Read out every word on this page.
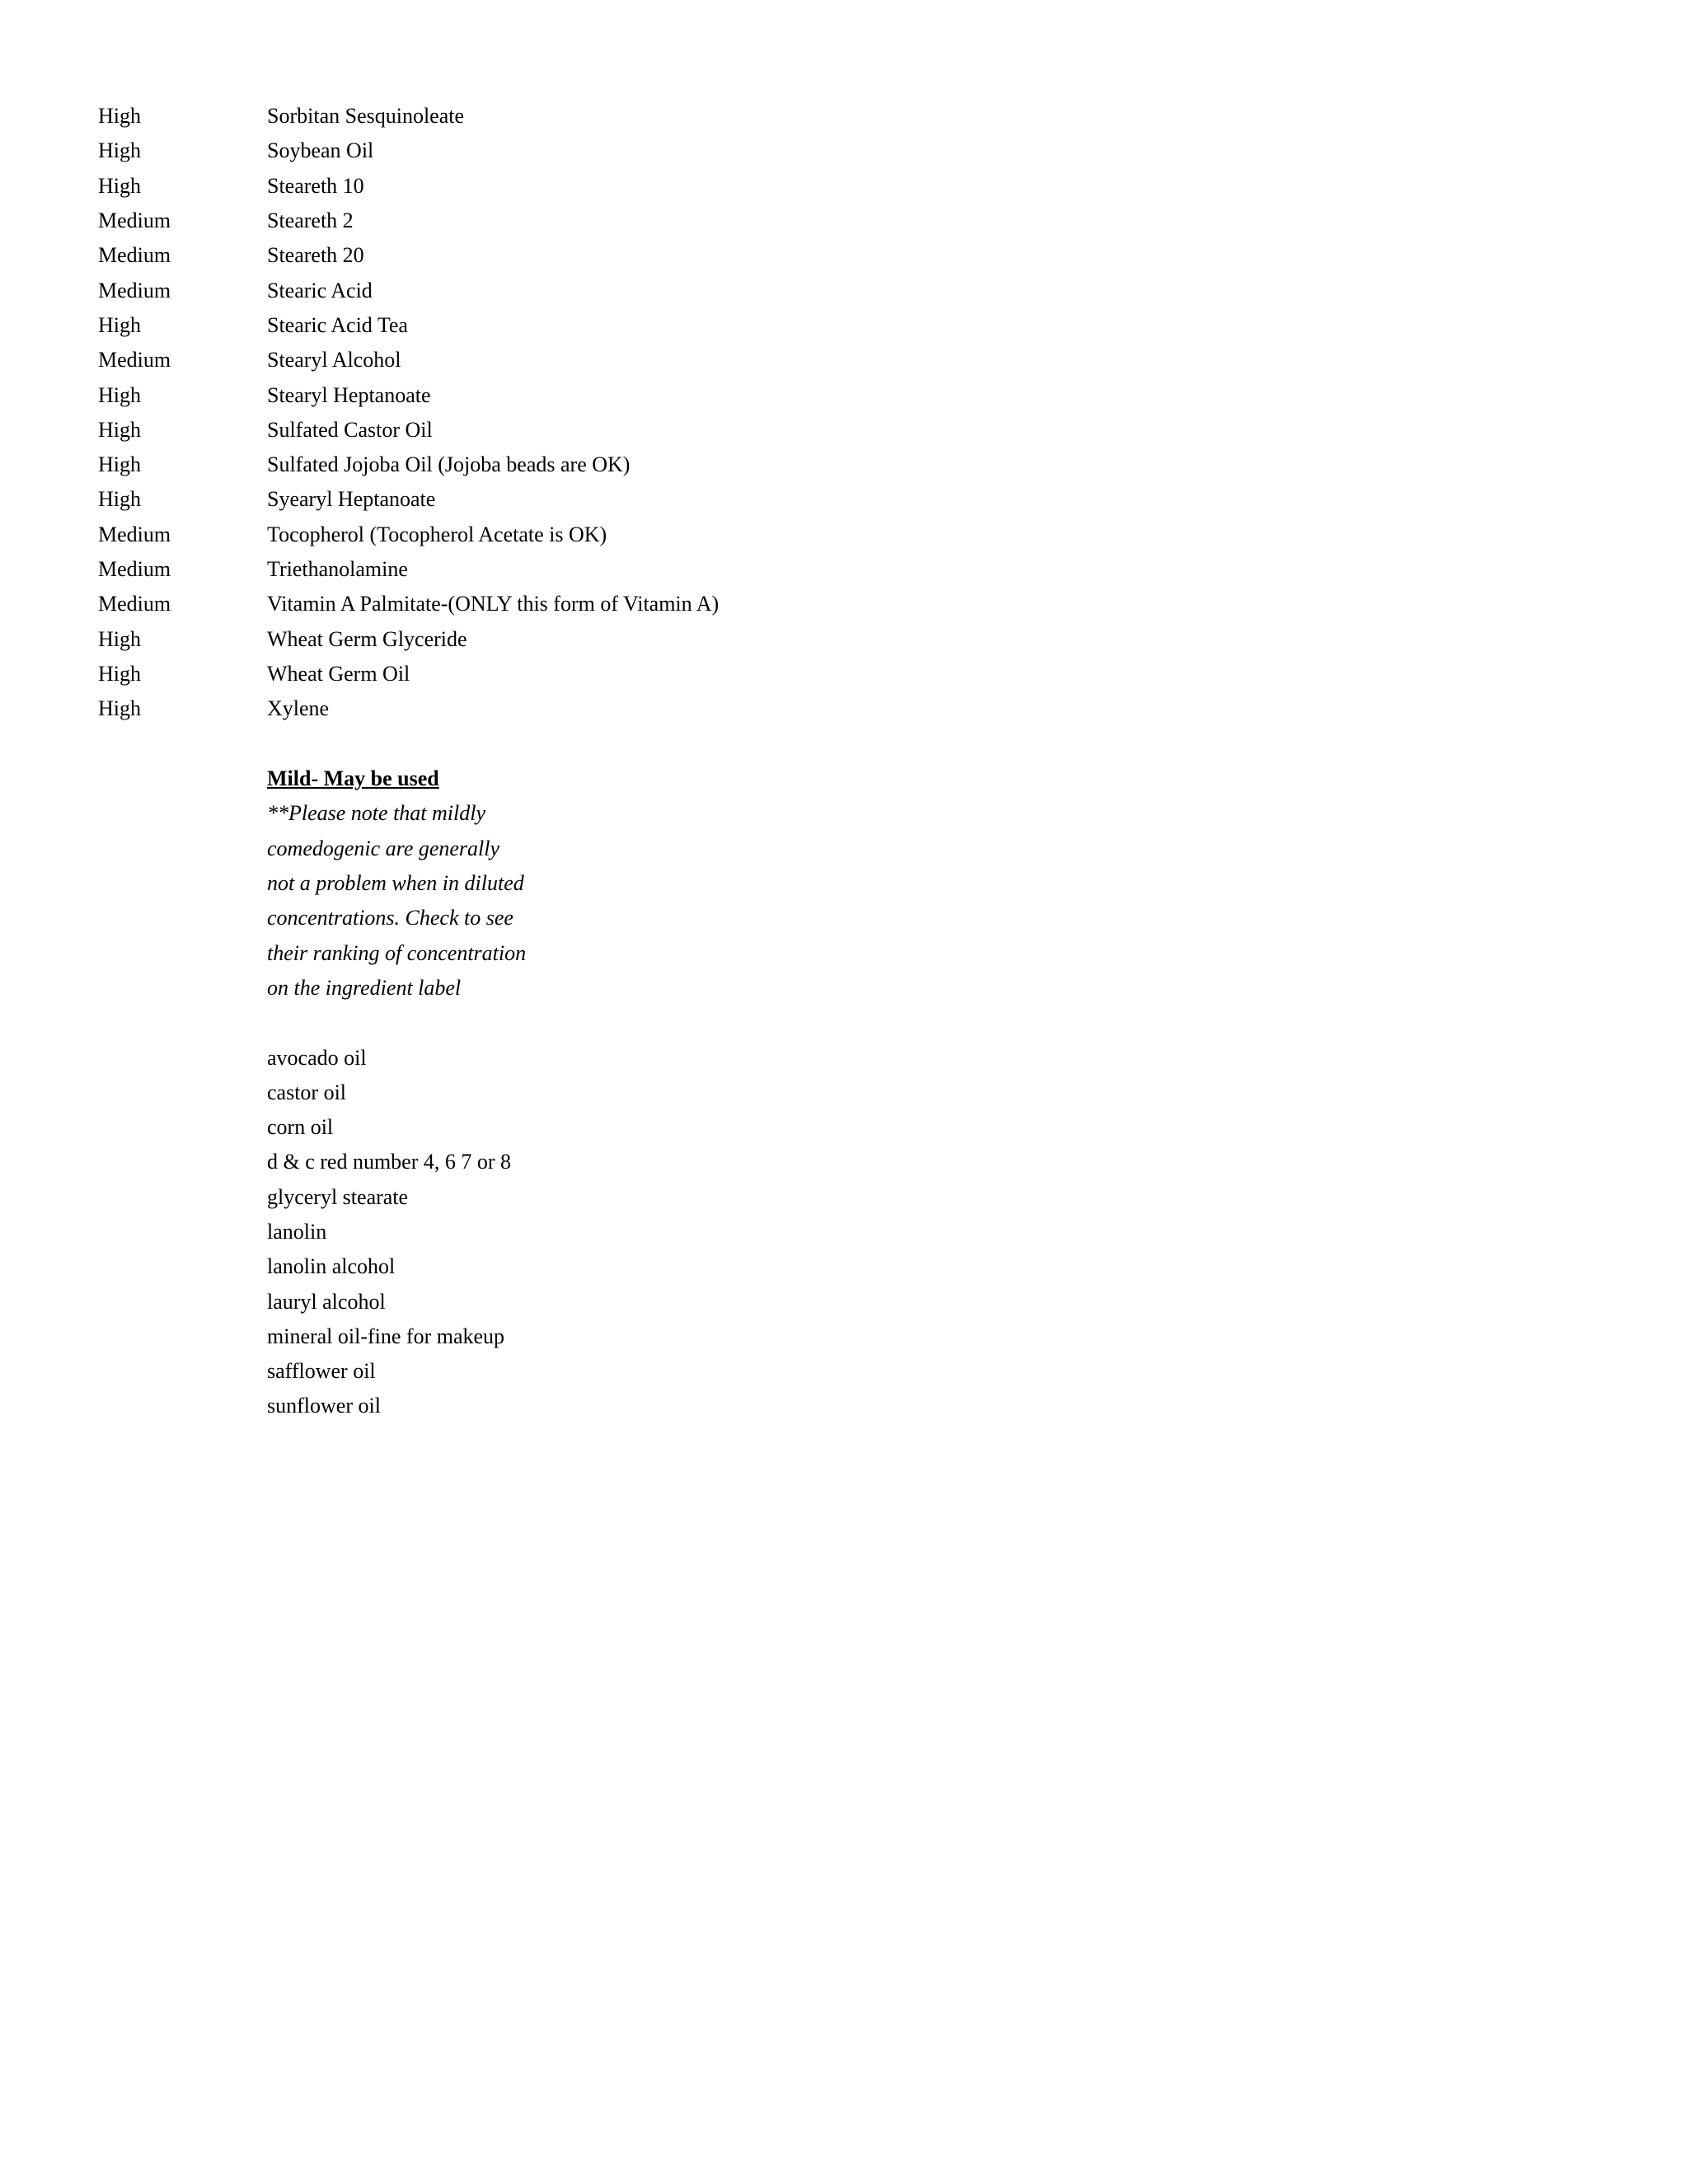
High	Sorbitan Sesquinoleate
High	Soybean Oil
High	Steareth 10
Medium	Steareth 2
Medium	Steareth 20
Medium	Stearic Acid
High	Stearic Acid Tea
Medium	Stearyl Alcohol
High	Stearyl Heptanoate
High	Sulfated Castor Oil
High	Sulfated Jojoba Oil (Jojoba beads are OK)
High	Syearyl Heptanoate
Medium	Tocopherol (Tocopherol Acetate is OK)
Medium	Triethanolamine
Medium	Vitamin A Palmitate-(ONLY this form of Vitamin A)
High	Wheat Germ Glyceride
High	Wheat Germ Oil
High	Xylene
Mild- May be used
**Please note that mildly
comedogenic are generally
not a problem when in diluted
concentrations. Check to see
their ranking of concentration
on the ingredient label
avocado oil
castor oil
corn oil
d & c red number 4, 6 7 or 8
glyceryl stearate
lanolin
lanolin alcohol
lauryl alcohol
mineral oil-fine for makeup
safflower oil
sunflower oil
